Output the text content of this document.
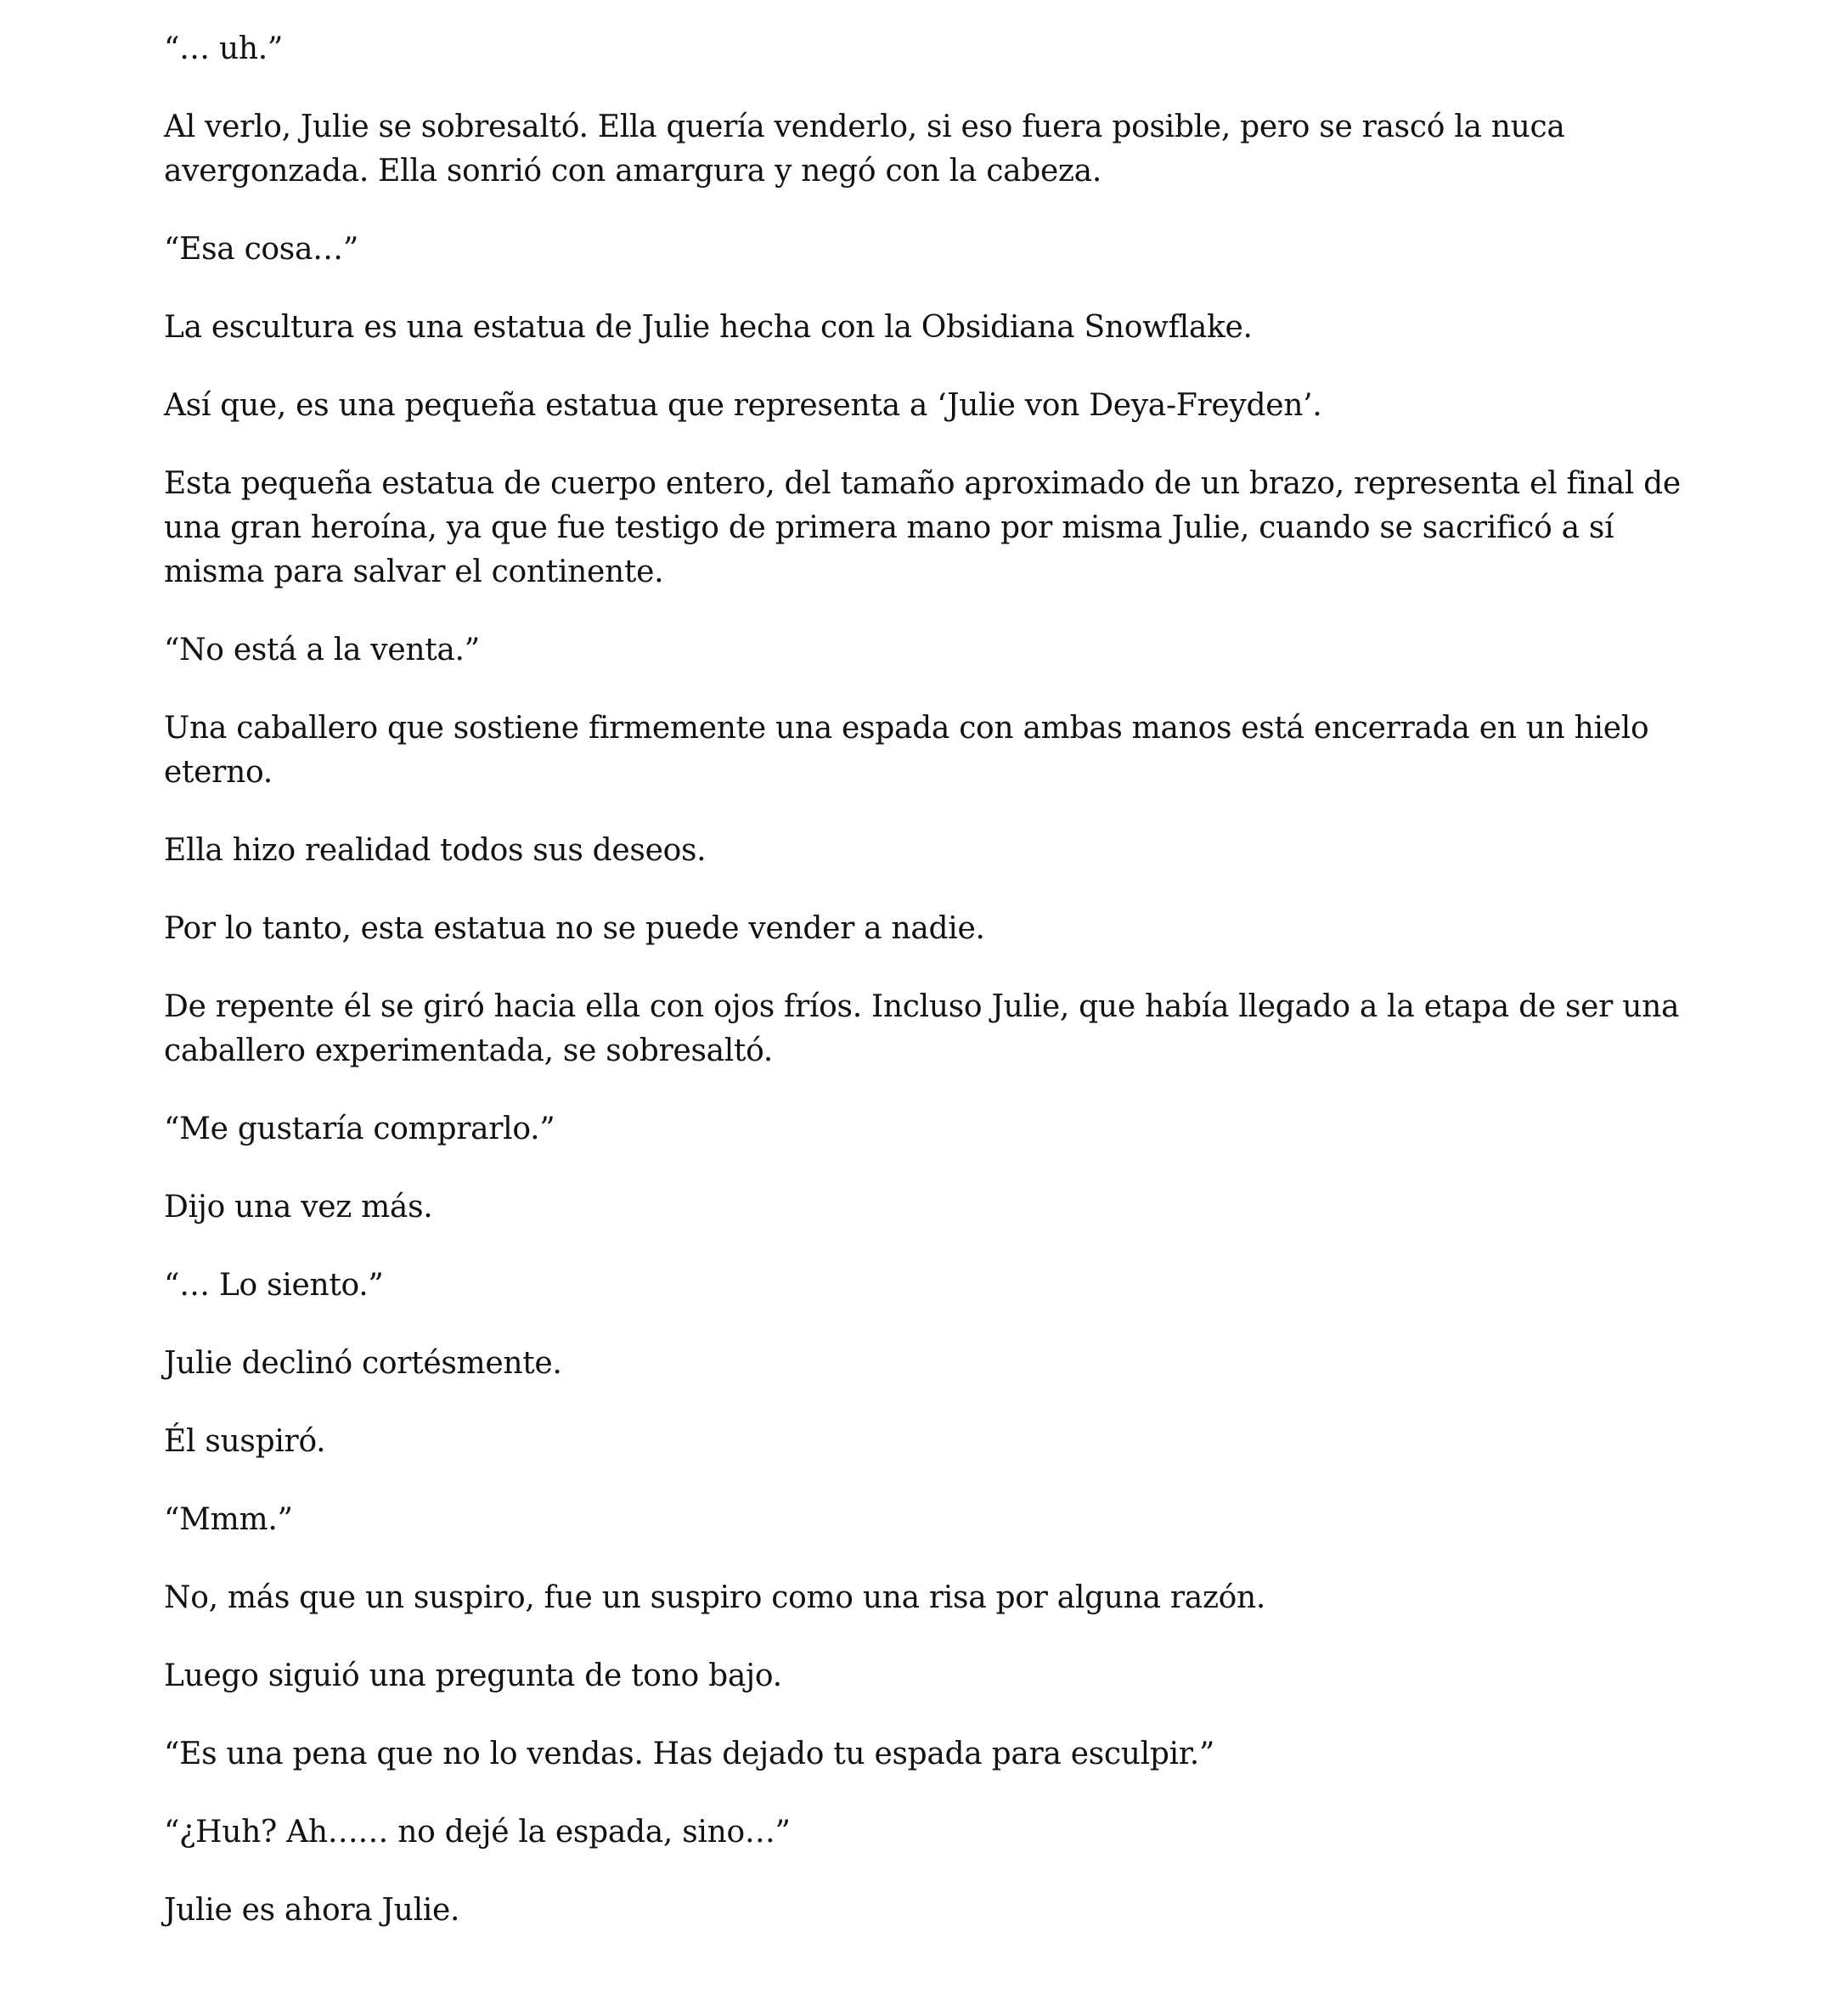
“… uh.”

Al verlo, Julie se sobresaltó. Ella quería venderlo, si eso fuera posible, pero se rascó la nuca avergonzada. Ella sonrió con amargura y negó con la cabeza.

“Esa cosa…”

La escultura es una estatua de Julie hecha con la Obsidiana Snowflake.

Así que, es una pequeña estatua que representa a ‘Julie von Deya-Freyden’.

Esta pequeña estatua de cuerpo entero, del tamaño aproximado de un brazo, representa el final de una gran heroína, ya que fue testigo de primera mano por misma Julie, cuando se sacrificó a sí misma para salvar el continente.

“No está a la venta.”

Una caballero que sostiene firmemente una espada con ambas manos está encerrada en un hielo eterno.

Ella hizo realidad todos sus deseos.

Por lo tanto, esta estatua no se puede vender a nadie.

De repente él se giró hacia ella con ojos fríos. Incluso Julie, que había llegado a la etapa de ser una caballero experimentada, se sobresaltó.

“Me gustaría comprarlo.”

Dijo una vez más.

“… Lo siento.”

Julie declinó cortésmente.

Él suspiró.

“Mmm.”

No, más que un suspiro, fue un suspiro como una risa por alguna razón.

Luego siguió una pregunta de tono bajo.

“Es una pena que no lo vendas. Has dejado tu espada para esculpir.”

“¿Huh? Ah…… no dejé la espada, sino…”

Julie es ahora Julie.
